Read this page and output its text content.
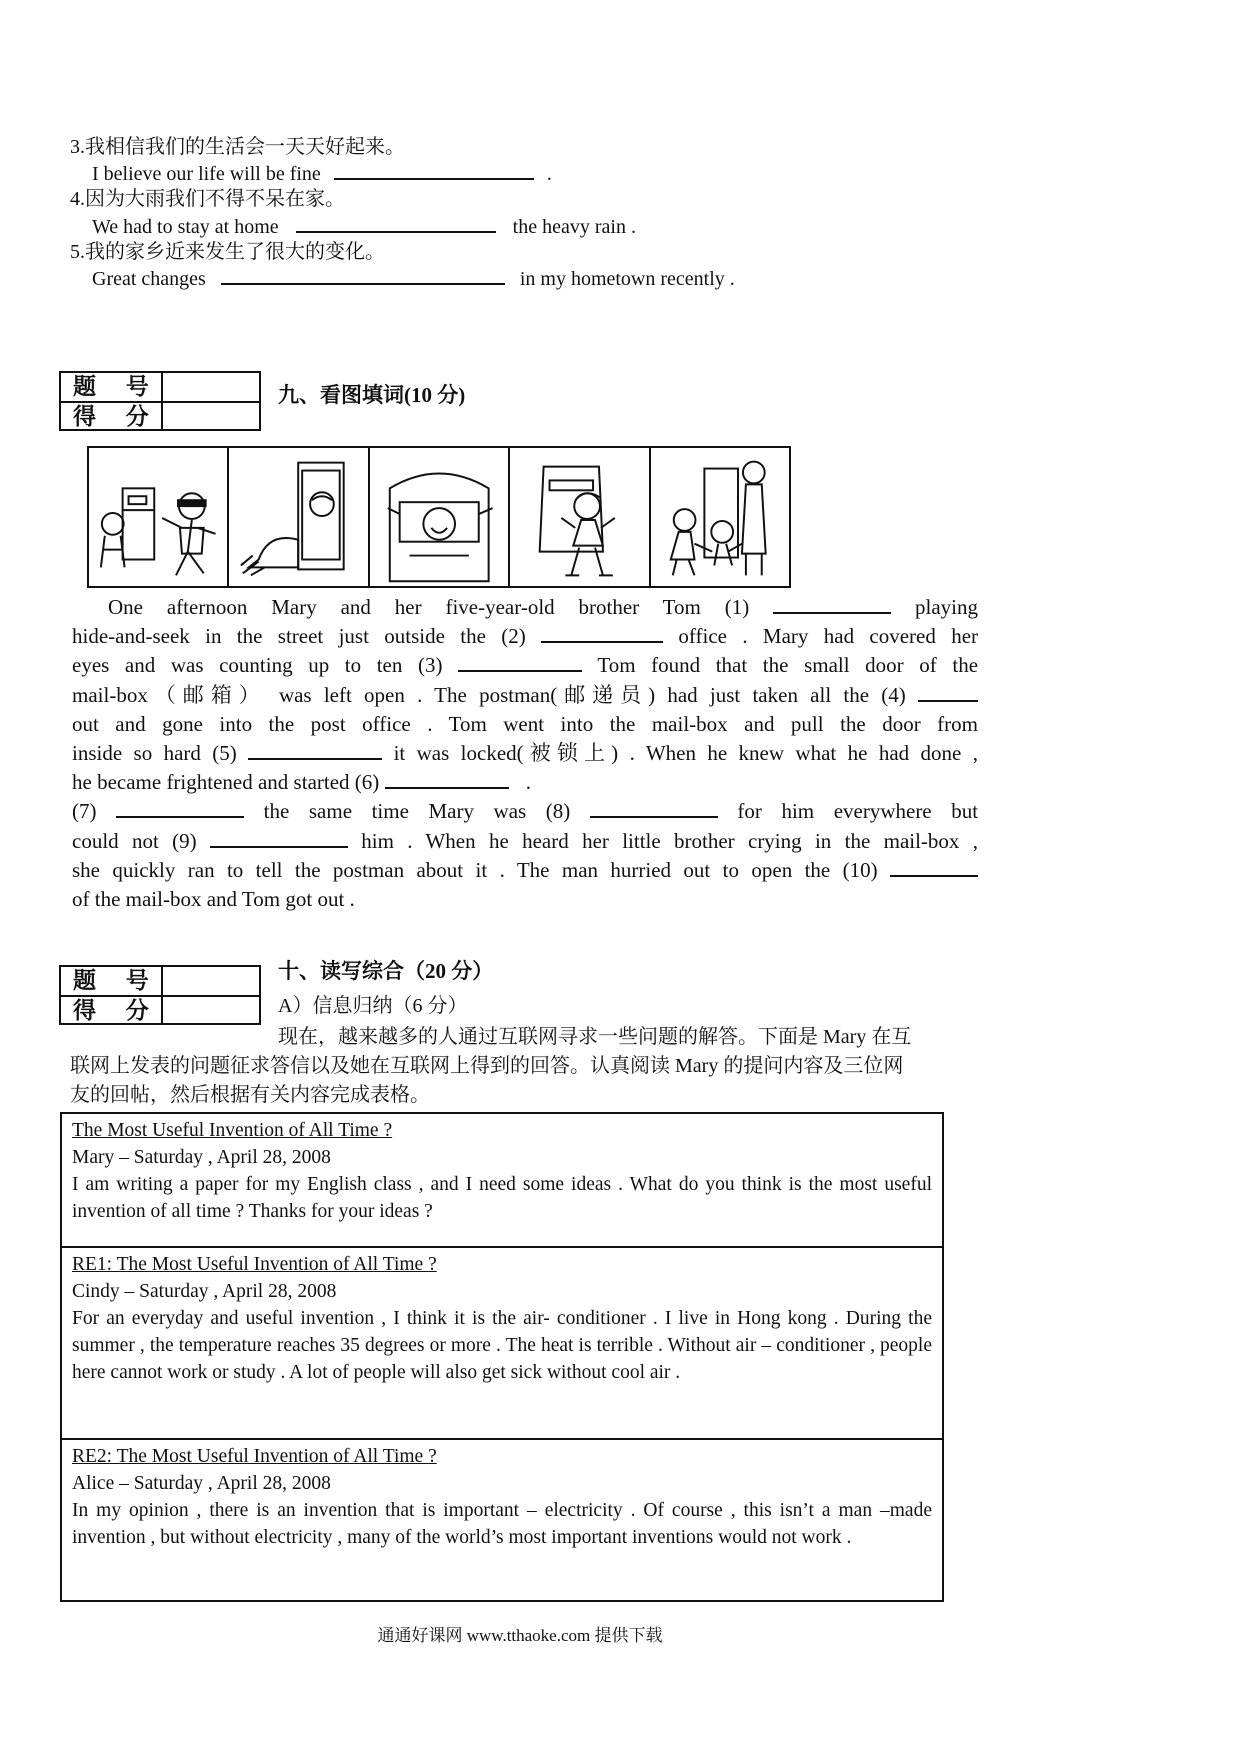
3.我相信我们的生活会一天天好起来。
I believe our life will be fine	.
4.因为大雨我们不得不呆在家。
We had to stay at home	the heavy rain .
5.我的家乡近来发生了很大的变化。
Great changes	in my hometown recently .
题 号
得 分
九、看图填词(10 分)
One afternoon Mary and her five-year-old brother Tom (1)	playing
hide-and-seek in the street just outside the (2)	office . Mary had covered her
eyes and was counting up to ten (3)	Tom found that the small door of the
mail-box（邮箱） was left open . The postman(邮递员) had just taken all the (4)
out and gone into the post office . Tom went into the mail-box and pull the door from
inside so hard (5)	it was locked(被锁上) . When he knew what he had done ,
he became frightened and started (6)	.
(7)	the same time Mary was (8)	for him everywhere but
could not (9)	him . When he heard her little brother crying in the mail-box ,
she quickly ran to tell the postman about it . The man hurried out to open the (10)
of the mail-box and Tom got out .
题 号
得 分
十、读写综合（20 分）
A）信息归纳（6 分）
现在，越来越多的人通过互联网寻求一些问题的解答。下面是 Mary 在互
联网上发表的问题征求答信以及她在互联网上得到的回答。认真阅读 Mary 的提问内容及三位网
友的回帖，然后根据有关内容完成表格。
The Most Useful Invention of All Time ?
Mary – Saturday , April 28, 2008
I am writing a paper for my English class , and I need some ideas . What do you think is the most useful invention of all time ? Thanks for your ideas ?
RE1: The Most Useful Invention of All Time ?
Cindy – Saturday , April 28, 2008
For an everyday and useful invention , I think it is the air- conditioner . I live in Hong kong . During the summer , the temperature reaches 35 degrees or more . The heat is terrible . Without air – conditioner , people here cannot work or study . A lot of people will also get sick without cool air .
RE2: The Most Useful Invention of All Time ?
Alice – Saturday , April 28, 2008
In my opinion , there is an invention that is important – electricity . Of course , this isn’t a man –made invention , but without electricity , many of the world’s most important inventions would not work .
通通好课网 www.tthaoke.com 提供下载
